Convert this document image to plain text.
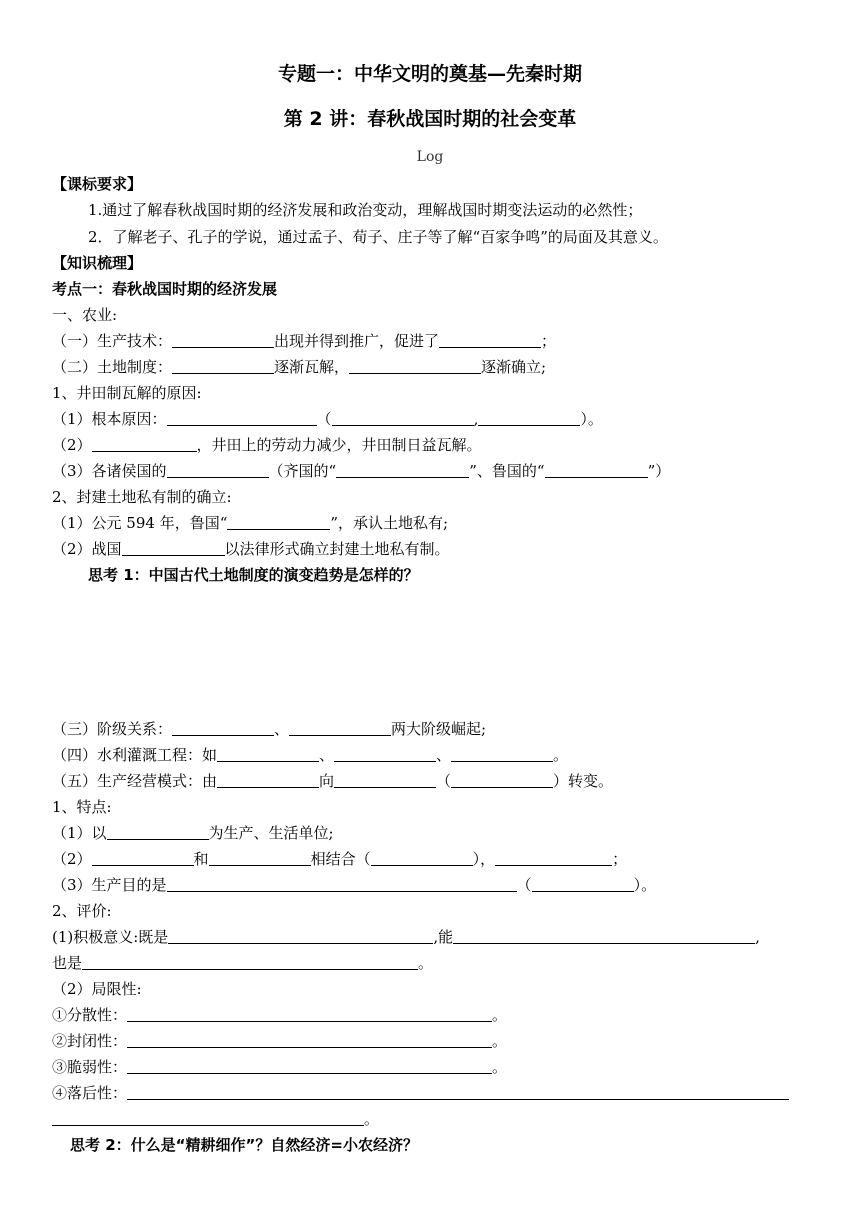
专题一：中华文明的奠基—先秦时期
第 2 讲：春秋战国时期的社会变革
Log
【课标要求】
1.通过了解春秋战国时期的经济发展和政治变动，理解战国时期变法运动的必然性；
2．了解老子、孔子的学说，通过孟子、荀子、庄子等了解“百家争鸣”的局面及其意义。
【知识梳理】
考点一：春秋战国时期的经济发展
一、农业:
（一）生产技术：	出现并得到推广，促进了	；
（二）土地制度：	逐渐瓦解，	逐渐确立;
1、井田制瓦解的原因:
（1）根本原因：	（	,	）。
（2）	，井田上的劳动力减少，井田制日益瓦解。
（3）各诸侯国的	（齐国的“	”、鲁国的“	”）
2、封建土地私有制的确立:
（1）公元 594 年，鲁国“	”，承认土地私有;
（2）战国	以法律形式确立封建土地私有制。
思考 1：中国古代土地制度的演变趋势是怎样的？
（三）阶级关系：	、	两大阶级崛起;
（四）水利灌溉工程：如	、	、	。
（五）生产经营模式：由	向	（	）转变。
1、特点:
（1）以	为生产、生活单位;
（2）	和	相结合（	），	；
（3）生产目的是	（	）。
2、评价:
(1)积极意义:既是	,能	,
也是	。
（2）局限性:
①分散性：	。
②封闭性：	。
③脆弱性：	。
④落后性：
。
思考 2：什么是“精耕细作”？自然经济=小农经济？
